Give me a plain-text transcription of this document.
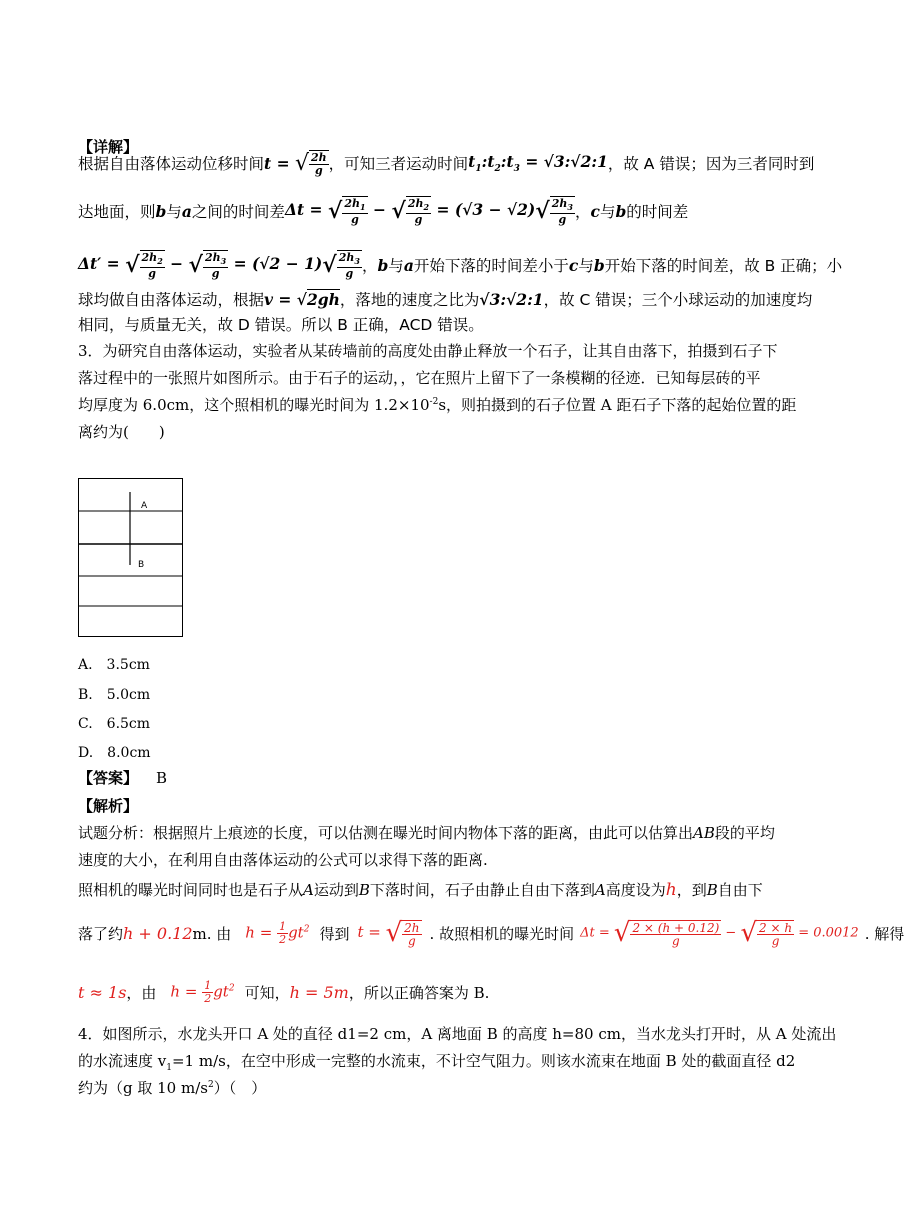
【详解】
根据自由落体运动位移时间 t = √ $\frac{2h}{g}$ ，可知三者运动时间 $t_1:t_2:t_3$ = √3:√2:1 ，故 A 错误；因为三者同时到
达地面，则 b 与 a 之间的时间差 Δt = √ $\frac{2h_1}{g}$ − √ $\frac{2h_2}{g} = (√3 - √2)√ \frac{2h_3}{g}$ ， c 与 b 的时间差
Δt′ = √ $\frac{2h_2}{g}$ − √ $\frac{2h_3}{g} = (√2 - 1)√ \frac{2h_3}{g}$ ， b 与 a 开始下落的时间差小于 c 与 b 开始下落的时间差，故 B 正确；小
球均做自由落体运动，根据 v = √2gh ，落地的速度之比为 √3:√2:1 ，故 C 错误；三个小球运动的加速度均
相同，与质量无关，故 D 错误。所以 B 正确，ACD 错误。
3．为研究自由落体运动，实验者从某砖墙前的高度处由静止释放一个石子，让其自由落下，拍摄到石子下
落过程中的一张照片如图所示。由于石子的运动，，它在照片上留下了一条模糊的径迹．已知每层砖的平
均厚度为 6.0cm，这个照相机的曝光时间为 $1.2\times 10^{-2}s$，则拍摄到的石子位置 A 距石子下落的起始位置的距
离约为(　　)
A
B
A.　3.5cm
B.　5.0cm
C.　6.5cm
D.　8.0cm
【答案】 B
【解析】
试题分析：根据照片上痕迹的长度，可以估测在曝光时间内物体下落的距离，由此可以估算出AB段的平均
速度的大小，在利用自由落体运动的公式可以求得下落的距离.
照相机的曝光时间同时也是石子从A运动到B下落时间，石子由静止自由下落到A高度设为h，到B自由下
落了约 h + 0.12 m. 由 $h = \frac{1}{2} gt^2$ 得到 t = √ $\frac{2h}{g}$ . 故照相机的曝光时间 Δt = √ $\frac{2 \times (h + 0.12)}{g}$ − √ $\frac{2 \times h}{g} = 0.0012$ . 解得
t ≈ 1s ，由 $h = \frac{1}{2} gt^2$ 可知， h = 5m ，所以正确答案为 B.
4．如图所示，水龙头开口 A 处的直径 d1=2 cm，A 离地面 B 的高度 h=80 cm，当水龙头打开时，从 A 处流出
的水流速度 $v_1=1$ m/s，在空中形成一完整的水流束，不计空气阻力。则该水流束在地面 B 处的截面直径 d2
约为（g 取 10 $m/s^2$）（　）
